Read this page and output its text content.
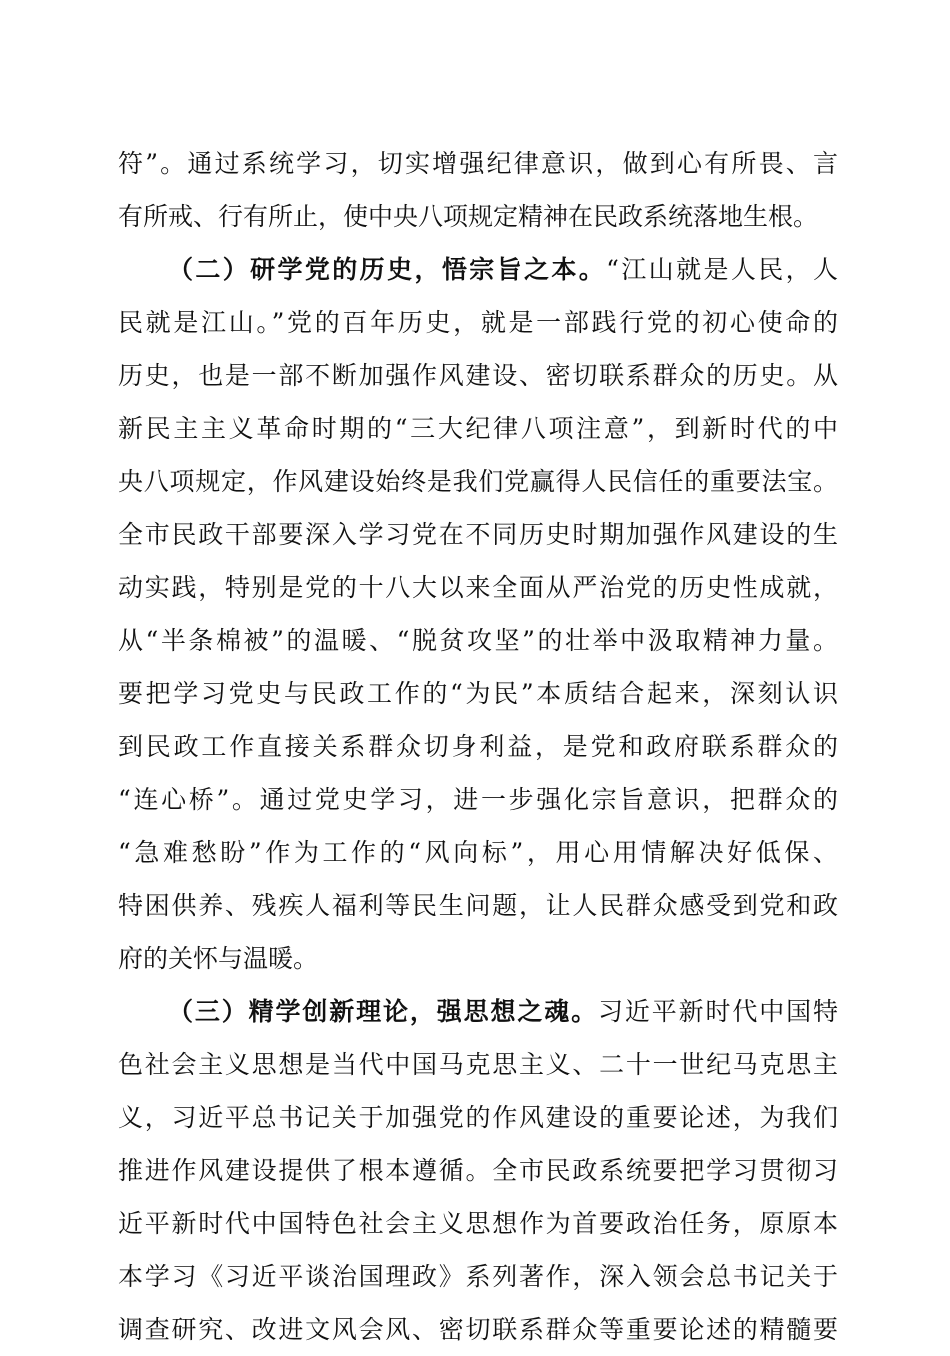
符”。通过系统学习，切实增强纪律意识，做到心有所畏、言
有所戒、行有所止，使中央八项规定精神在民政系统落地生根。
（二）研学党的历史，悟宗旨之本。“江山就是人民，人
民就是江山。”党的百年历史，就是一部践行党的初心使命的
历史，也是一部不断加强作风建设、密切联系群众的历史。从
新民主主义革命时期的“三大纪律八项注意”，到新时代的中
央八项规定，作风建设始终是我们党赢得人民信任的重要法宝。
全市民政干部要深入学习党在不同历史时期加强作风建设的生
动实践，特别是党的十八大以来全面从严治党的历史性成就，
从“半条棉被”的温暖、“脱贫攻坚”的壮举中汲取精神力量。
要把学习党史与民政工作的“为民”本质结合起来，深刻认识
到民政工作直接关系群众切身利益，是党和政府联系群众的
“连心桥”。通过党史学习，进一步强化宗旨意识，把群众的
“急难愁盼”作为工作的“风向标”，用心用情解决好低保、
特困供养、残疾人福利等民生问题，让人民群众感受到党和政
府的关怀与温暖。
（三）精学创新理论，强思想之魂。习近平新时代中国特
色社会主义思想是当代中国马克思主义、二十一世纪马克思主
义，习近平总书记关于加强党的作风建设的重要论述，为我们
推进作风建设提供了根本遵循。全市民政系统要把学习贯彻习
近平新时代中国特色社会主义思想作为首要政治任务，原原本
本学习《习近平谈治国理政》系列著作，深入领会总书记关于
调查研究、改进文风会风、密切联系群众等重要论述的精髓要
